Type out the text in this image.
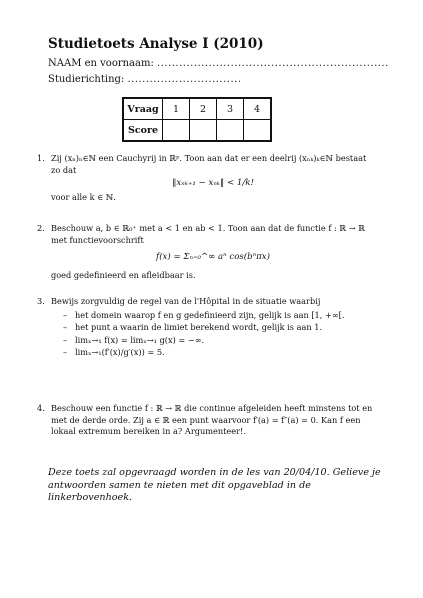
Studietoets Analyse I (2010)
NAAM en voornaam: ...............................................................
Studierichting: ...............................
Vraag	1	2	3	4
Score				
1. Zij (xₙ)ₙ∈ℕ een Cauchyrij in ℝᵖ. Toon aan dat er een deelrij (xₙₖ)ₖ∈ℕ bestaat zo dat
‖xₙₖ₊₁ − xₙₖ‖ < 1/k!
voor alle k ∈ ℕ.
2. Beschouw a, b ∈ ℝ₀⁺ met a < 1 en ab < 1. Toon aan dat de functie f : ℝ → ℝ met functievoorschrift
f(x) = Σₙ₌₀^∞ aⁿ cos(bⁿπx)
goed gedefinieerd en afleidbaar is.
3. Bewijs zorgvuldig de regel van de l'Hôpital in de situatie waarbij
– het domein waarop f en g gedefinieerd zijn, gelijk is aan [1, +∞[.
– het punt a waarin de limiet berekend wordt, gelijk is aan 1.
– limₓ→₁ f(x) = limₓ→₁ g(x) = −∞.
– limₓ→₁(f′(x)/g′(x)) = 5.
4. Beschouw een functie f : ℝ → ℝ die continue afgeleiden heeft minstens tot en met de derde orde. Zij a ∈ ℝ een punt waarvoor f′(a) = f″(a) = 0. Kan f een lokaal extremum bereiken in a? Argumenteer!.
Deze toets zal opgevraagd worden in de les van 20/04/10. Gelieve je antwoorden samen te nieten met dit opgaveblad in de linkerbovenhoek.
